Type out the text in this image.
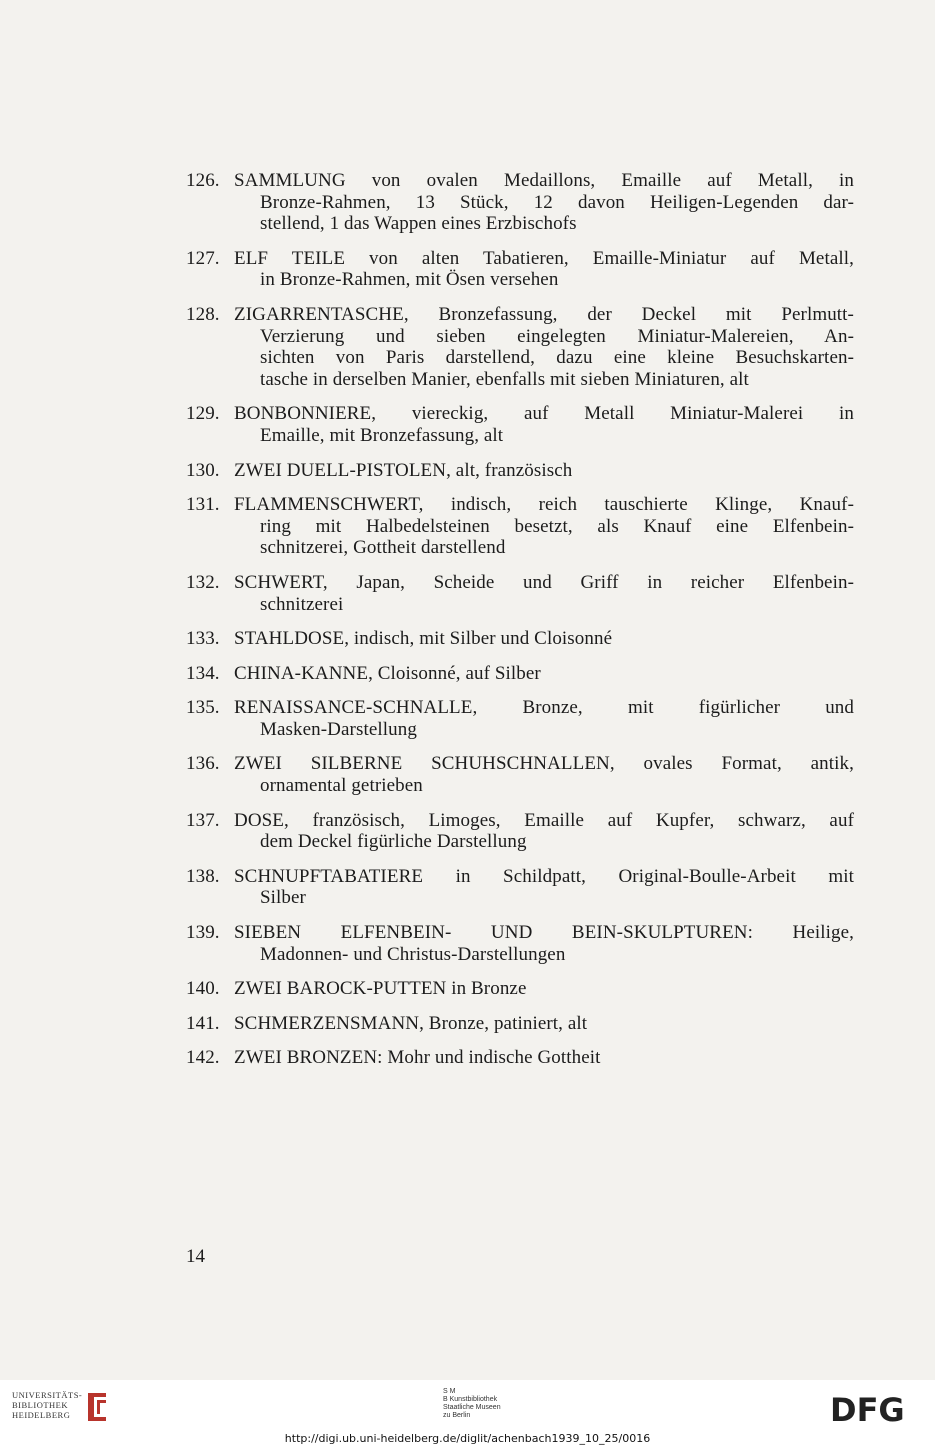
126. SAMMLUNG von ovalen Medaillons, Emaille auf Metall, in
Bronze-Rahmen, 13 Stück, 12 davon Heiligen-Legenden dar-
stellend, 1 das Wappen eines Erzbischofs
127. ELF TEILE von alten Tabatieren, Emaille-Miniatur auf Metall,
in Bronze-Rahmen, mit Ösen versehen
128. ZIGARRENTASCHE, Bronzefassung, der Deckel mit Perlmutt-
Verzierung und sieben eingelegten Miniatur-Malereien, An-
sichten von Paris darstellend, dazu eine kleine Besuchskarten-
tasche in derselben Manier, ebenfalls mit sieben Miniaturen, alt
129. BONBONNIERE, viereckig, auf Metall Miniatur-Malerei in
Emaille, mit Bronzefassung, alt
130. ZWEI DUELL-PISTOLEN, alt, französisch
131. FLAMMENSCHWERT, indisch, reich tauschierte Klinge, Knauf-
ring mit Halbedelsteinen besetzt, als Knauf eine Elfenbein-
schnitzerei, Gottheit darstellend
132. SCHWERT, Japan, Scheide und Griff in reicher Elfenbein-
schnitzerei
133. STAHLDOSE, indisch, mit Silber und Cloisonné
134. CHINA-KANNE, Cloisonné, auf Silber
135. RENAISSANCE-SCHNALLE, Bronze, mit figürlicher und
Masken-Darstellung
136. ZWEI SILBERNE SCHUHSCHNALLEN, ovales Format, antik,
ornamental getrieben
137. DOSE, französisch, Limoges, Emaille auf Kupfer, schwarz, auf
dem Deckel figürliche Darstellung
138. SCHNUPFTABATIERE in Schildpatt, Original-Boulle-Arbeit mit
Silber
139. SIEBEN ELFENBEIN- UND BEIN-SKULPTUREN: Heilige,
Madonnen- und Christus-Darstellungen
140. ZWEI BAROCK-PUTTEN in Bronze
141. SCHMERZENSMANN, Bronze, patiniert, alt
142. ZWEI BRONZEN: Mohr und indische Gottheit
14
UNIVERSITÄTS-
BIBLIOTHEK
HEIDELBERG
S M
B Kunstbibliothek
Staatliche Museen
zu Berlin	DFG
http://digi.ub.uni-heidelberg.de/diglit/achenbach1939_10_25/0016
